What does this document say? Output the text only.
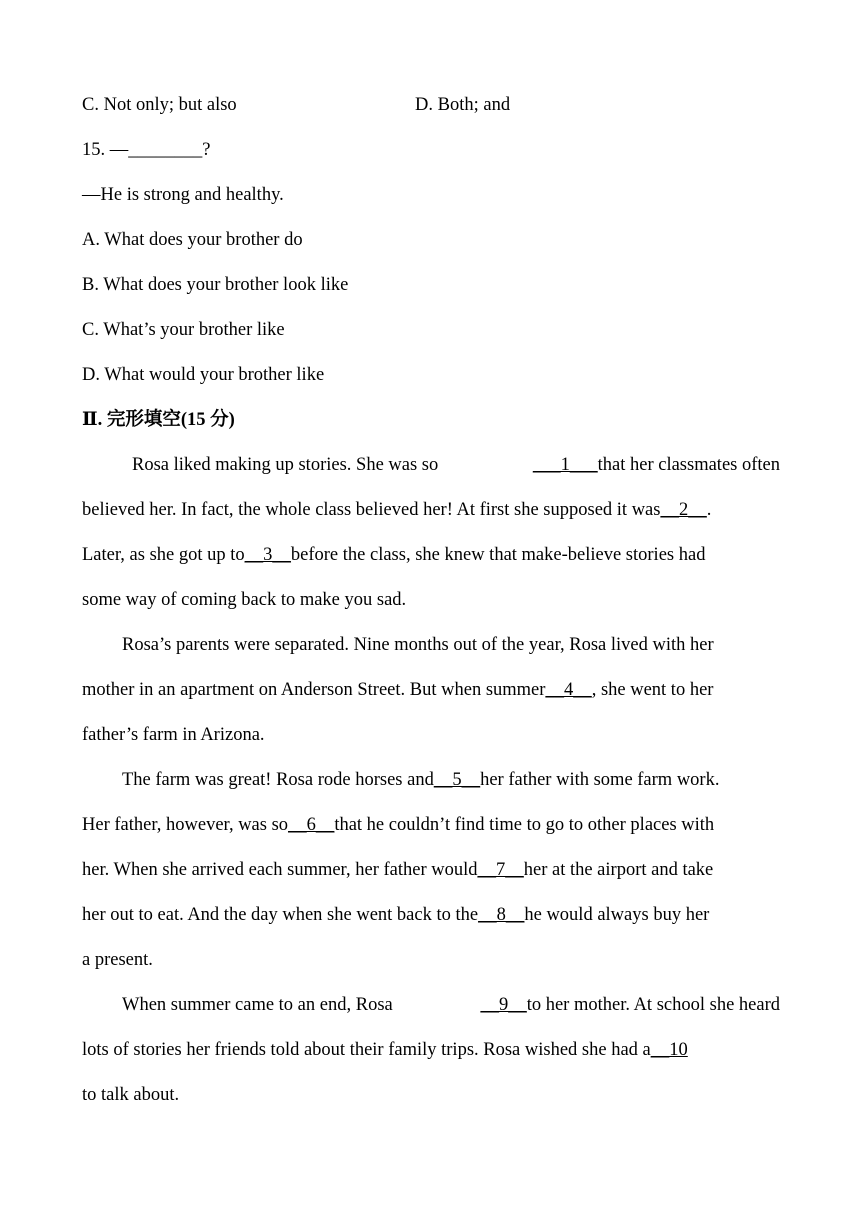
C. Not only; but also	D. Both; and
15. —________?
—He is strong and healthy.
A. What does your brother do
B. What does your brother look like
C. What’s your brother like
D. What would your brother like
Ⅱ. 完形填空(15 分)
Rosa liked making up stories. She was so	___1___that her classmates often
believed her. In fact, the whole class believed her! At first she supposed it was__2__.
Later, as she got up to__3__before the class, she knew that make-believe stories had
some way of coming back to make you sad.
Rosa’s parents were separated. Nine months out of the year, Rosa lived with her
mother in an apartment on Anderson Street. But when summer__4__, she went to her
father’s farm in Arizona.
The farm was great! Rosa rode horses and__5__her father with some farm work.
Her father, however, was so__6__that he couldn’t find time to go to other places with
her. When she arrived each summer, her father would__7__her at the airport and take
her out to eat. And the day when she went back to the__8__he would always buy her
a present.
When summer came to an end, Rosa	__9__to her mother. At school she heard
lots of stories her friends told about their family trips. Rosa wished she had a__10
to talk about.
